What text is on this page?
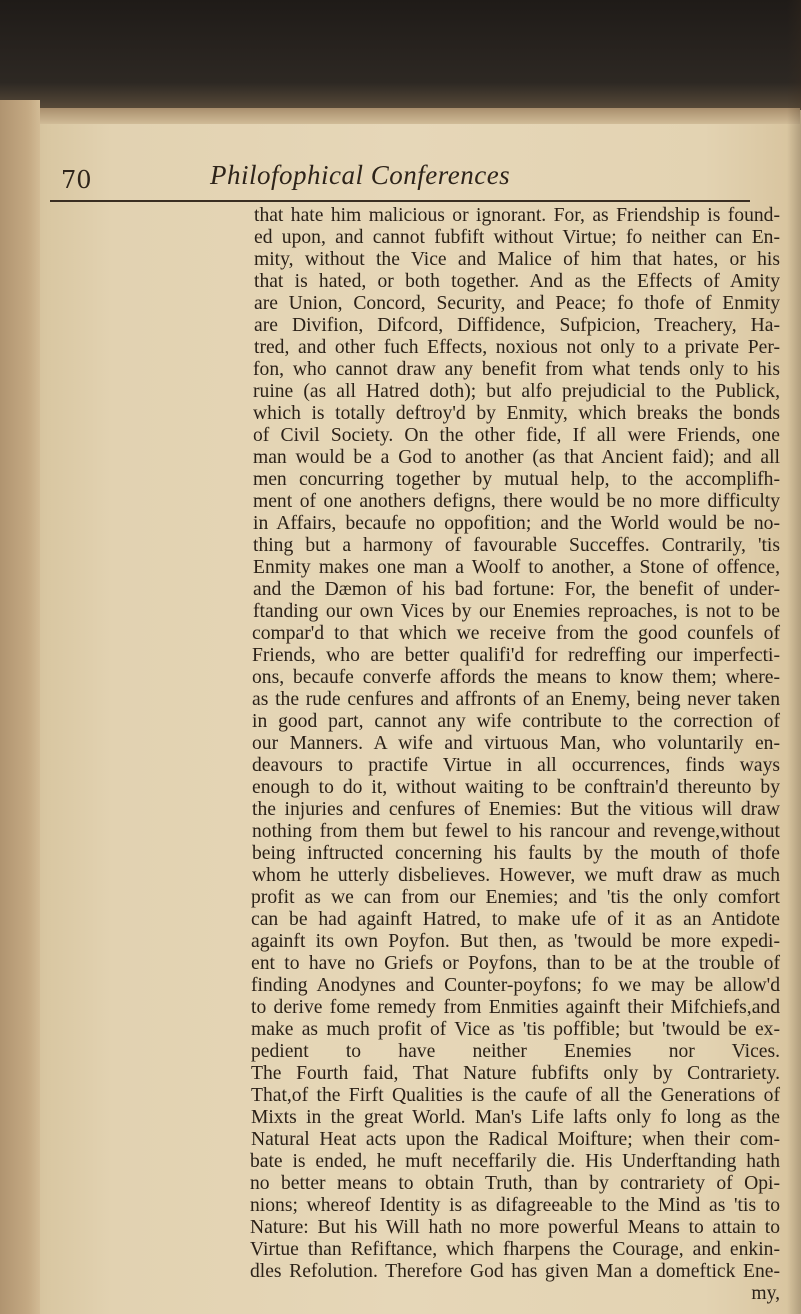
70	Philofophical Conferences
that hate him malicious or ignorant. For, as Friendship is found-
ed upon, and cannot fubfift without Virtue; fo neither can En-
mity, without the Vice and Malice of him that hates, or his
that is hated, or both together. And as the Effects of Amity
are Union, Concord, Security, and Peace; fo thofe of Enmity
are Divifion, Difcord, Diffidence, Sufpicion, Treachery, Ha-
tred, and other fuch Effects, noxious not only to a private Per-
fon, who cannot draw any benefit from what tends only to his
ruine (as all Hatred doth); but alfo prejudicial to the Publick,
which is totally deftroy'd by Enmity, which breaks the bonds
of Civil Society. On the other fide, If all were Friends, one
man would be a God to another (as that Ancient faid); and all
men concurring together by mutual help, to the accomplifh-
ment of one anothers defigns, there would be no more difficulty
in Affairs, becaufe no oppofition; and the World would be no-
thing but a harmony of favourable Succeffes. Contrarily, 'tis
Enmity makes one man a Woolf to another, a Stone of offence,
and the Dæmon of his bad fortune: For, the benefit of under-
ftanding our own Vices by our Enemies reproaches, is not to be
compar'd to that which we receive from the good counfels of
Friends, who are better qualifi'd for redreffing our imperfecti-
ons, becaufe converfe affords the means to know them; where-
as the rude cenfures and affronts of an Enemy, being never taken
in good part, cannot any wife contribute to the correction of
our Manners. A wife and virtuous Man, who voluntarily en-
deavours to practife Virtue in all occurrences, finds ways
enough to do it, without waiting to be conftrain'd thereunto by
the injuries and cenfures of Enemies: But the vitious will draw
nothing from them but fewel to his rancour and revenge,without
being inftructed concerning his faults by the mouth of thofe
whom he utterly disbelieves. However, we muft draw as much
profit as we can from our Enemies; and 'tis the only comfort
can be had againft Hatred, to make ufe of it as an Antidote
againft its own Poyfon. But then, as 'twould be more expedi-
ent to have no Griefs or Poyfons, than to be at the trouble of
finding Anodynes and Counter-poyfons; fo we may be allow'd
to derive fome remedy from Enmities againft their Mifchiefs,and
make as much profit of Vice as 'tis poffible; but 'twould be ex-
pedient to have neither Enemies nor Vices.
The Fourth faid, That Nature fubfifts only by Contrariety.
That,of the Firft Qualities is the caufe of all the Generations of
Mixts in the great World. Man's Life lafts only fo long as the
Natural Heat acts upon the Radical Moifture; when their com-
bate is ended, he muft neceffarily die. His Underftanding hath
no better means to obtain Truth, than by contrariety of Opi-
nions; whereof Identity is as difagreeable to the Mind as 'tis to
Nature: But his Will hath no more powerful Means to attain to
Virtue than Refiftance, which fharpens the Courage, and enkin-
dles Refolution. Therefore God has given Man a domeftick Ene-
my,
